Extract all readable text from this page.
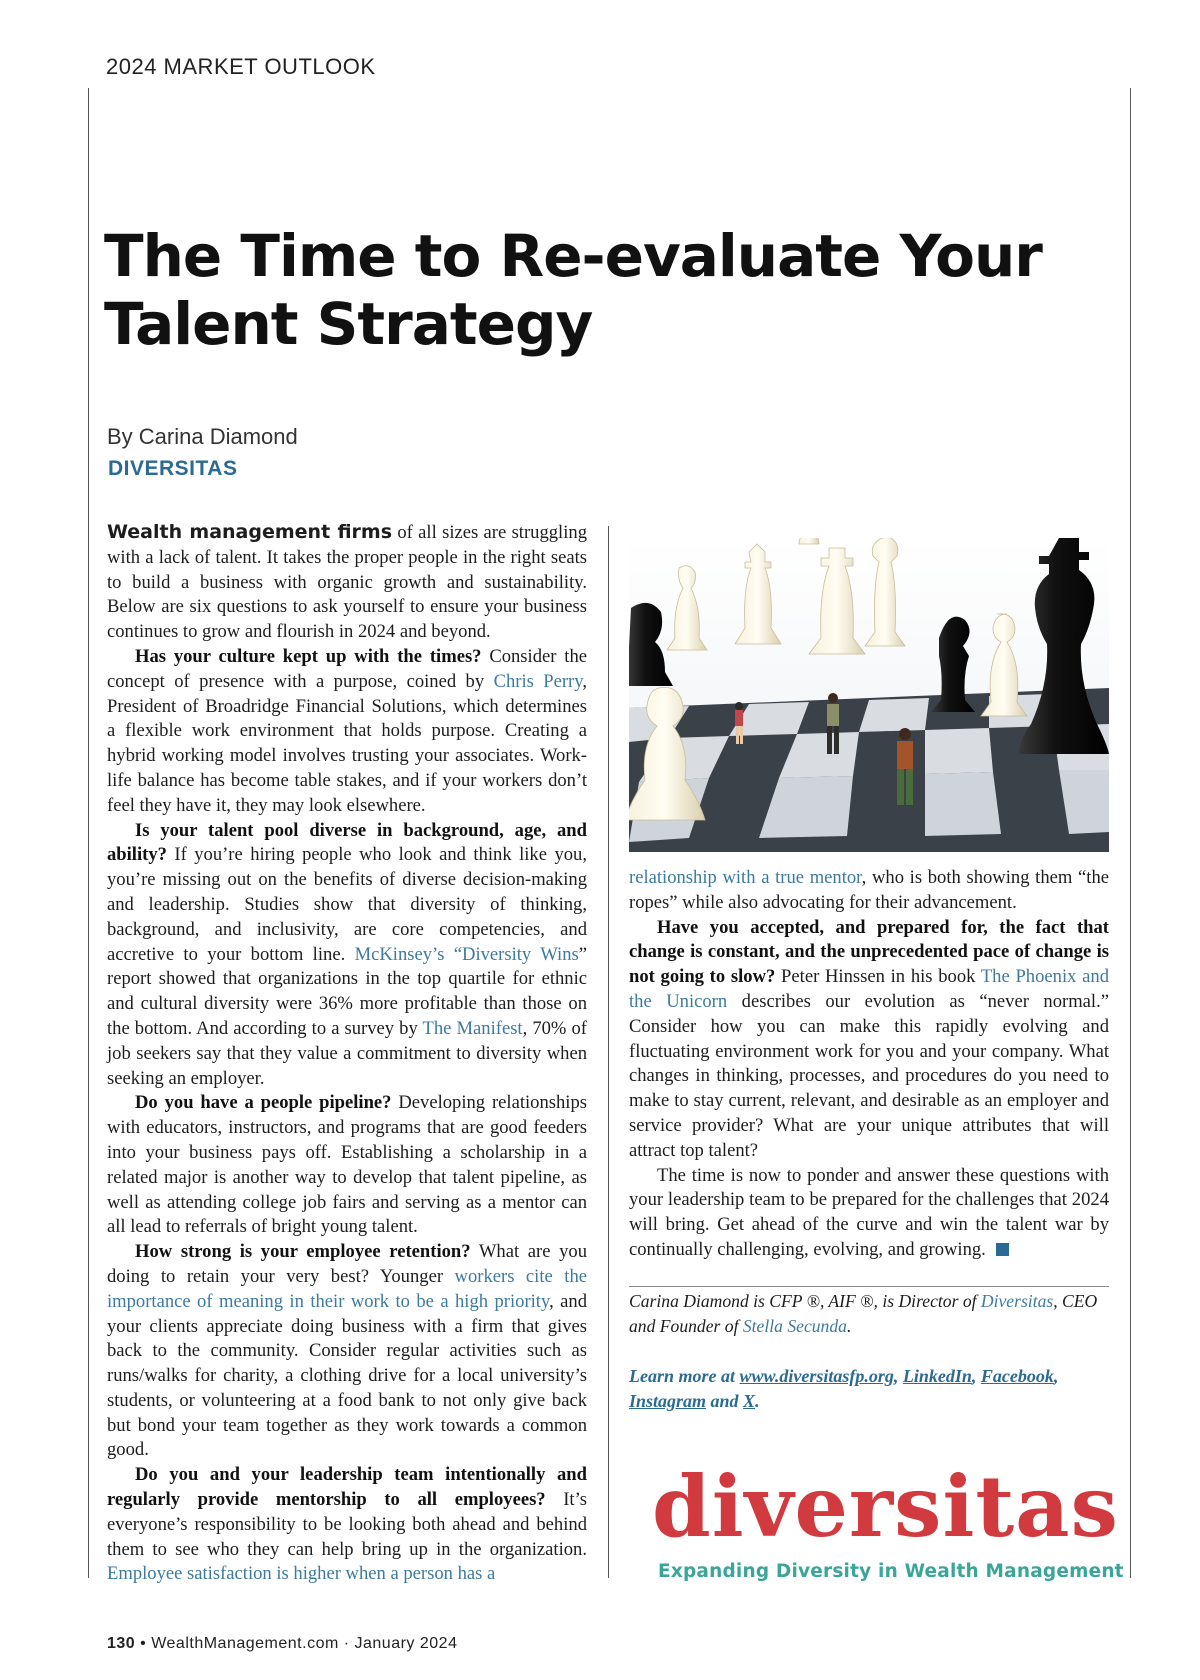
2024 MARKET OUTLOOK
The Time to Re-evaluate Your Talent Strategy
By Carina Diamond
DIVERSITAS

Wealth management firms of all sizes are struggling with a lack of talent. It takes the proper people in the right seats to build a business with organic growth and sustainability. Below are six questions to ask yourself to ensure your business continues to grow and flourish in 2024 and beyond.

Has your culture kept up with the times? Consider the concept of presence with a purpose, coined by Chris Perry, President of Broadridge Financial Solutions, which determines a flexible work environment that holds purpose. Creating a hybrid working model involves trusting your associates. Work-life balance has become table stakes, and if your workers don’t feel they have it, they may look elsewhere.

Is your talent pool diverse in background, age, and ability? If you’re hiring people who look and think like you, you’re missing out on the benefits of diverse decision-making and leadership. Studies show that diversity of thinking, background, and inclusivity, are core competencies, and accretive to your bottom line. McKinsey’s “Diversity Wins” report showed that organizations in the top quartile for ethnic and cultural diversity were 36% more profitable than those on the bottom. And according to a survey by The Manifest, 70% of job seekers say that they value a commitment to diversity when seeking an employer.

Do you have a people pipeline? Developing relationships with educators, instructors, and programs that are good feeders into your business pays off. Establishing a scholarship in a related major is another way to develop that talent pipeline, as well as attending college job fairs and serving as a mentor can all lead to referrals of bright young talent.

How strong is your employee retention? What are you doing to retain your very best? Younger workers cite the importance of meaning in their work to be a high priority, and your clients appreciate doing business with a firm that gives back to the community. Consider regular activities such as runs/walks for charity, a clothing drive for a local university’s students, or volunteering at a food bank to not only give back but bond your team together as they work towards a common good.

Do you and your leadership team intentionally and regularly provide mentorship to all employees? It’s everyone’s responsibility to be looking both ahead and behind them to see who they can help bring up in the organization. Employee satisfaction is higher when a person has a

relationship with a true mentor, who is both showing them “the ropes” while also advocating for their advancement.

Have you accepted, and prepared for, the fact that change is constant, and the unprecedented pace of change is not going to slow? Peter Hinssen in his book The Phoenix and the Unicorn describes our evolution as “never normal.” Consider how you can make this rapidly evolving and fluctuating environment work for you and your company. What changes in thinking, processes, and procedures do you need to make to stay current, relevant, and desirable as an employer and service provider? What are your unique attributes that will attract top talent?

The time is now to ponder and answer these questions with your leadership team to be prepared for the challenges that 2024 will bring. Get ahead of the curve and win the talent war by continually challenging, evolving, and growing.

Carina Diamond is CFP ®, AIF ®, is Director of Diversitas, CEO and Founder of Stella Secunda.

Learn more at www.diversitasfp.org, LinkedIn, Facebook, Instagram and X.

diversitas
Expanding Diversity in Wealth Management
130 • WealthManagement.com · January 2024
